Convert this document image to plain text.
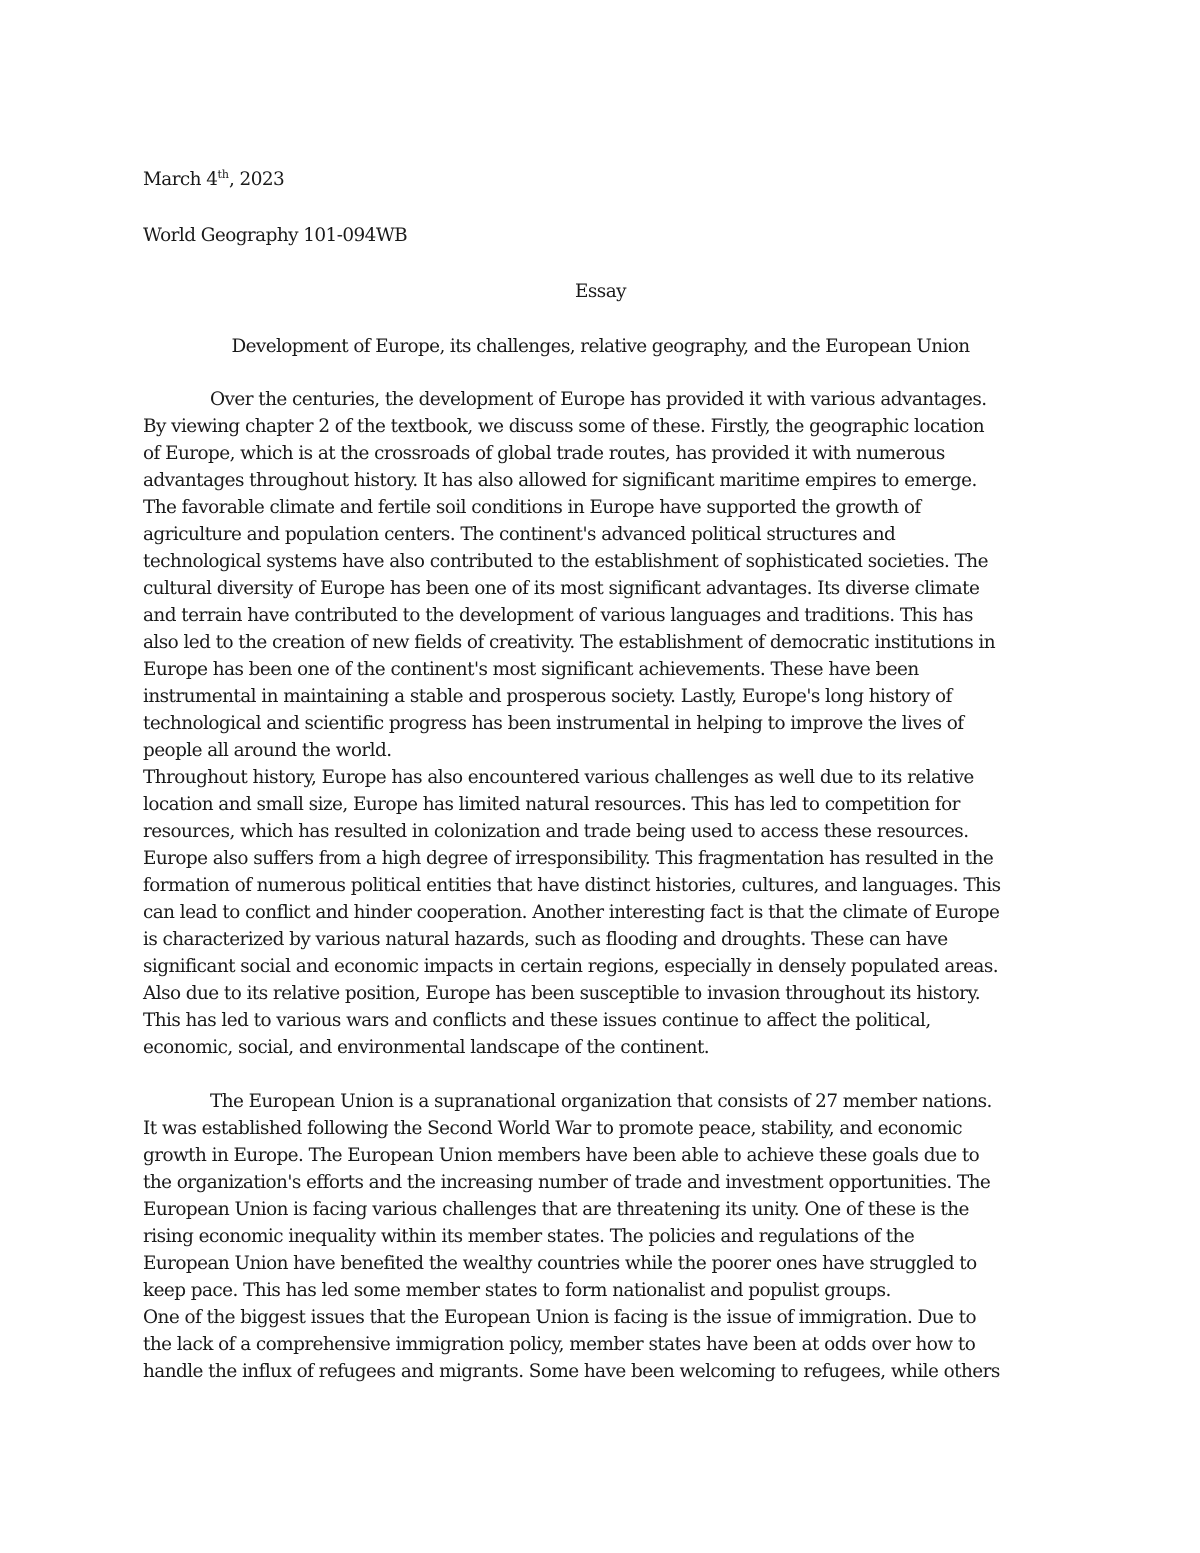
March 4th, 2023

World Geography 101-094WB

Essay

Development of Europe, its challenges, relative geography, and the European Union

Over the centuries, the development of Europe has provided it with various advantages.

By viewing chapter 2 of the textbook, we discuss some of these. Firstly, the geographic location

of Europe, which is at the crossroads of global trade routes, has provided it with numerous

advantages throughout history. It has also allowed for significant maritime empires to emerge.

The favorable climate and fertile soil conditions in Europe have supported the growth of

agriculture and population centers. The continent's advanced political structures and

technological systems have also contributed to the establishment of sophisticated societies. The

cultural diversity of Europe has been one of its most significant advantages. Its diverse climate

and terrain have contributed to the development of various languages and traditions. This has

also led to the creation of new fields of creativity. The establishment of democratic institutions in

Europe has been one of the continent's most significant achievements. These have been

instrumental in maintaining a stable and prosperous society. Lastly, Europe's long history of

technological and scientific progress has been instrumental in helping to improve the lives of

people all around the world.

Throughout history, Europe has also encountered various challenges as well due to its relative

location and small size, Europe has limited natural resources. This has led to competition for

resources, which has resulted in colonization and trade being used to access these resources.

Europe also suffers from a high degree of irresponsibility. This fragmentation has resulted in the

formation of numerous political entities that have distinct histories, cultures, and languages. This

can lead to conflict and hinder cooperation. Another interesting fact is that the climate of Europe

is characterized by various natural hazards, such as flooding and droughts. These can have

significant social and economic impacts in certain regions, especially in densely populated areas.

Also due to its relative position, Europe has been susceptible to invasion throughout its history.

This has led to various wars and conflicts and these issues continue to affect the political,

economic, social, and environmental landscape of the continent.

The European Union is a supranational organization that consists of 27 member nations.

It was established following the Second World War to promote peace, stability, and economic

growth in Europe. The European Union members have been able to achieve these goals due to

the organization's efforts and the increasing number of trade and investment opportunities. The

European Union is facing various challenges that are threatening its unity. One of these is the

rising economic inequality within its member states. The policies and regulations of the

European Union have benefited the wealthy countries while the poorer ones have struggled to

keep pace. This has led some member states to form nationalist and populist groups.

One of the biggest issues that the European Union is facing is the issue of immigration. Due to

the lack of a comprehensive immigration policy, member states have been at odds over how to

handle the influx of refugees and migrants. Some have been welcoming to refugees, while others
